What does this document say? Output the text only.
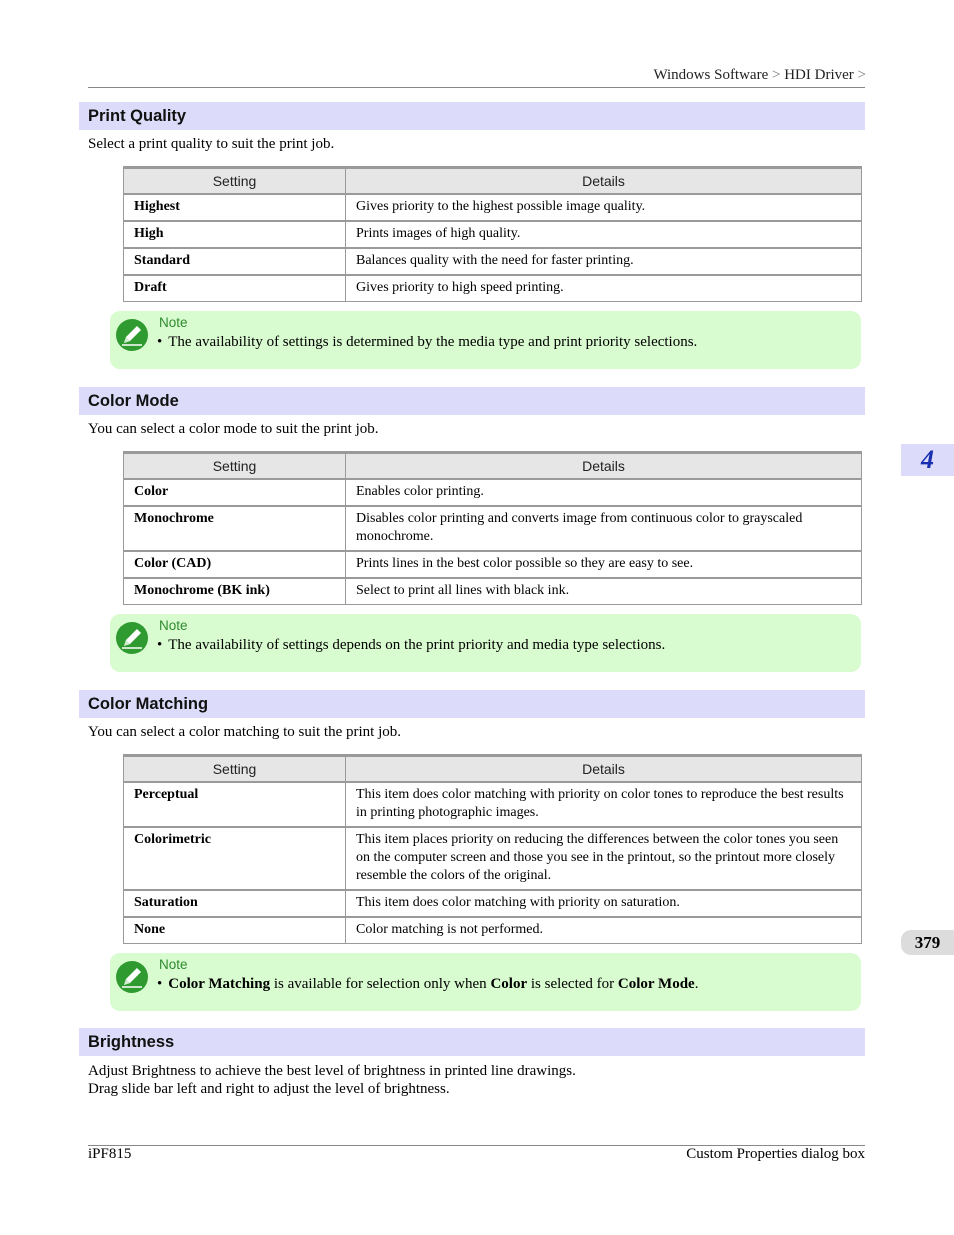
Windows Software > HDI Driver >
Print Quality
Select a print quality to suit the print job.
Setting	Details
Highest	Gives priority to the highest possible image quality.
High	Prints images of high quality.
Standard	Balances quality with the need for faster printing.
Draft	Gives priority to high speed printing.
Note
• The availability of settings is determined by the media type and print priority selections.
Color Mode
You can select a color mode to suit the print job.
Setting	Details
Color	Enables color printing.
Monochrome	Disables color printing and converts image from continuous color to grayscaled monochrome.
Color (CAD)	Prints lines in the best color possible so they are easy to see.
Monochrome (BK ink)	Select to print all lines with black ink.
Note
• The availability of settings depends on the print priority and media type selections.
Color Matching
You can select a color matching to suit the print job.
Setting	Details
Perceptual	This item does color matching with priority on color tones to reproduce the best results in printing photographic images.
Colorimetric	This item places priority on reducing the differences between the color tones you seen on the computer screen and those you see in the printout, so the printout more closely resemble the colors of the original.
Saturation	This item does color matching with priority on saturation.
None	Color matching is not performed.
Note
• Color Matching is available for selection only when Color is selected for Color Mode.
Brightness
Adjust Brightness to achieve the best level of brightness in printed line drawings.
Drag slide bar left and right to adjust the level of brightness.
4
379
iPF815	Custom Properties dialog box
